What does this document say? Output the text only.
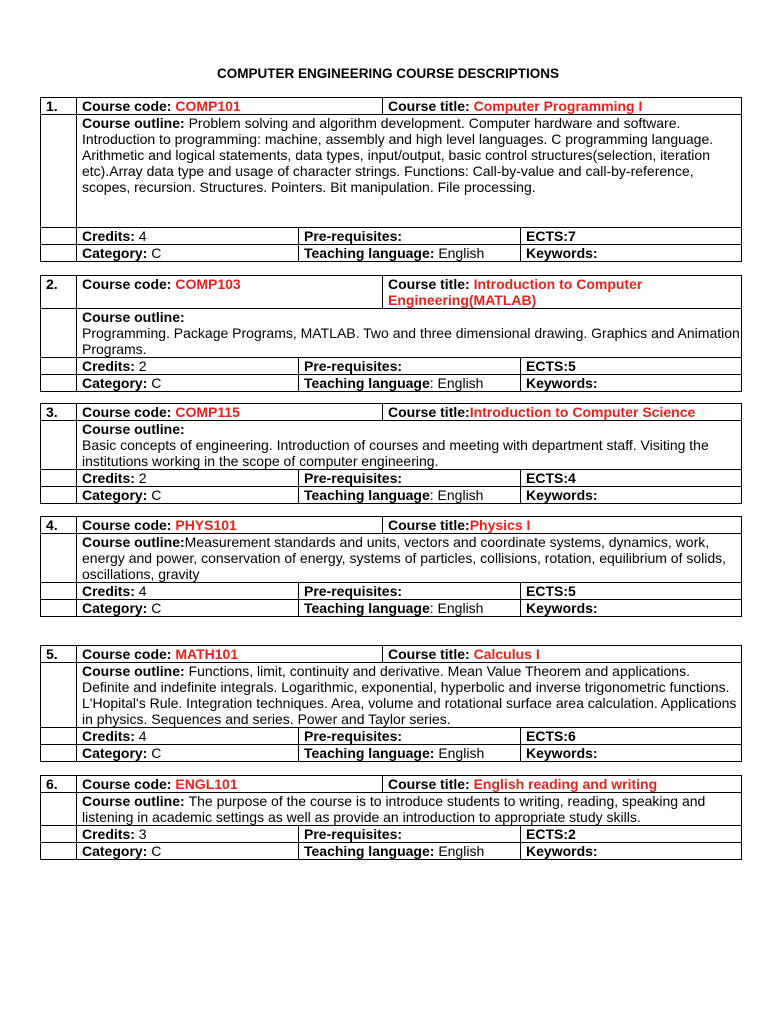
COMPUTER ENGINEERING COURSE DESCRIPTIONS
1.	Course code: COMP101		Course title: Computer Programming I	
	Course outline: Problem solving and algorithm development. Computer hardware and software. Introduction to programming: machine, assembly and high level languages. C programming language. Arithmetic and logical statements, data types, input/output, basic control structures(selection, iteration etc).Array data type and usage of character strings. Functions: Call-by-value and call-by-reference, scopes, recursion. Structures. Pointers. Bit manipulation. File processing.			
	Credits: 4	Pre-requisites:		ECTS:7
	Category: C	Teaching language: English		Keywords:
2.	Course code: COMP103		Course title: Introduction to Computer Engineering(MATLAB)	

	Course outline:
Programming. Package Programs, MATLAB. Two and three dimensional drawing. Graphics and Animation Programs.			
	Credits: 2	Pre-requisites:		ECTS:5
	Category: C	Teaching language: English		Keywords:
3.	Course code: COMP115		Course title:Introduction to Computer Science	

	Course outline:
Basic concepts of engineering. Introduction of courses and meeting with department staff. Visiting the institutions working in the scope of computer engineering.			
	Credits: 2	Pre-requisites:		ECTS:4
	Category: C	Teaching language: English		Keywords:
4.	Course code: PHYS101		Course title:Physics I	
	Course outline:Measurement standards and units, vectors and coordinate systems, dynamics, work, energy and power, conservation of energy, systems of particles, collisions, rotation, equilibrium of solids, oscillations, gravity			
	Credits: 4	Pre-requisites:		ECTS:5
	Category: C	Teaching language: English		Keywords:
5.	Course code: MATH101		Course title: Calculus I	
	Course outline: Functions, limit, continuity and derivative. Mean Value Theorem and applications. Definite and indefinite integrals. Logarithmic, exponential, hyperbolic and inverse trigonometric functions. L'Hopital's Rule. Integration techniques. Area, volume and rotational surface area calculation. Applications in physics. Sequences and series. Power and Taylor series.			
	Credits: 4	Pre-requisites:		ECTS:6
	Category: C	Teaching language: English		Keywords:
6.	Course code: ENGL101		Course title: English reading and writing	
	Course outline: The purpose of the course is to introduce students to writing, reading, speaking and listening in academic settings as well as provide an introduction to appropriate study skills.			
	Credits: 3	Pre-requisites:		ECTS:2
	Category: C	Teaching language: English		Keywords:
